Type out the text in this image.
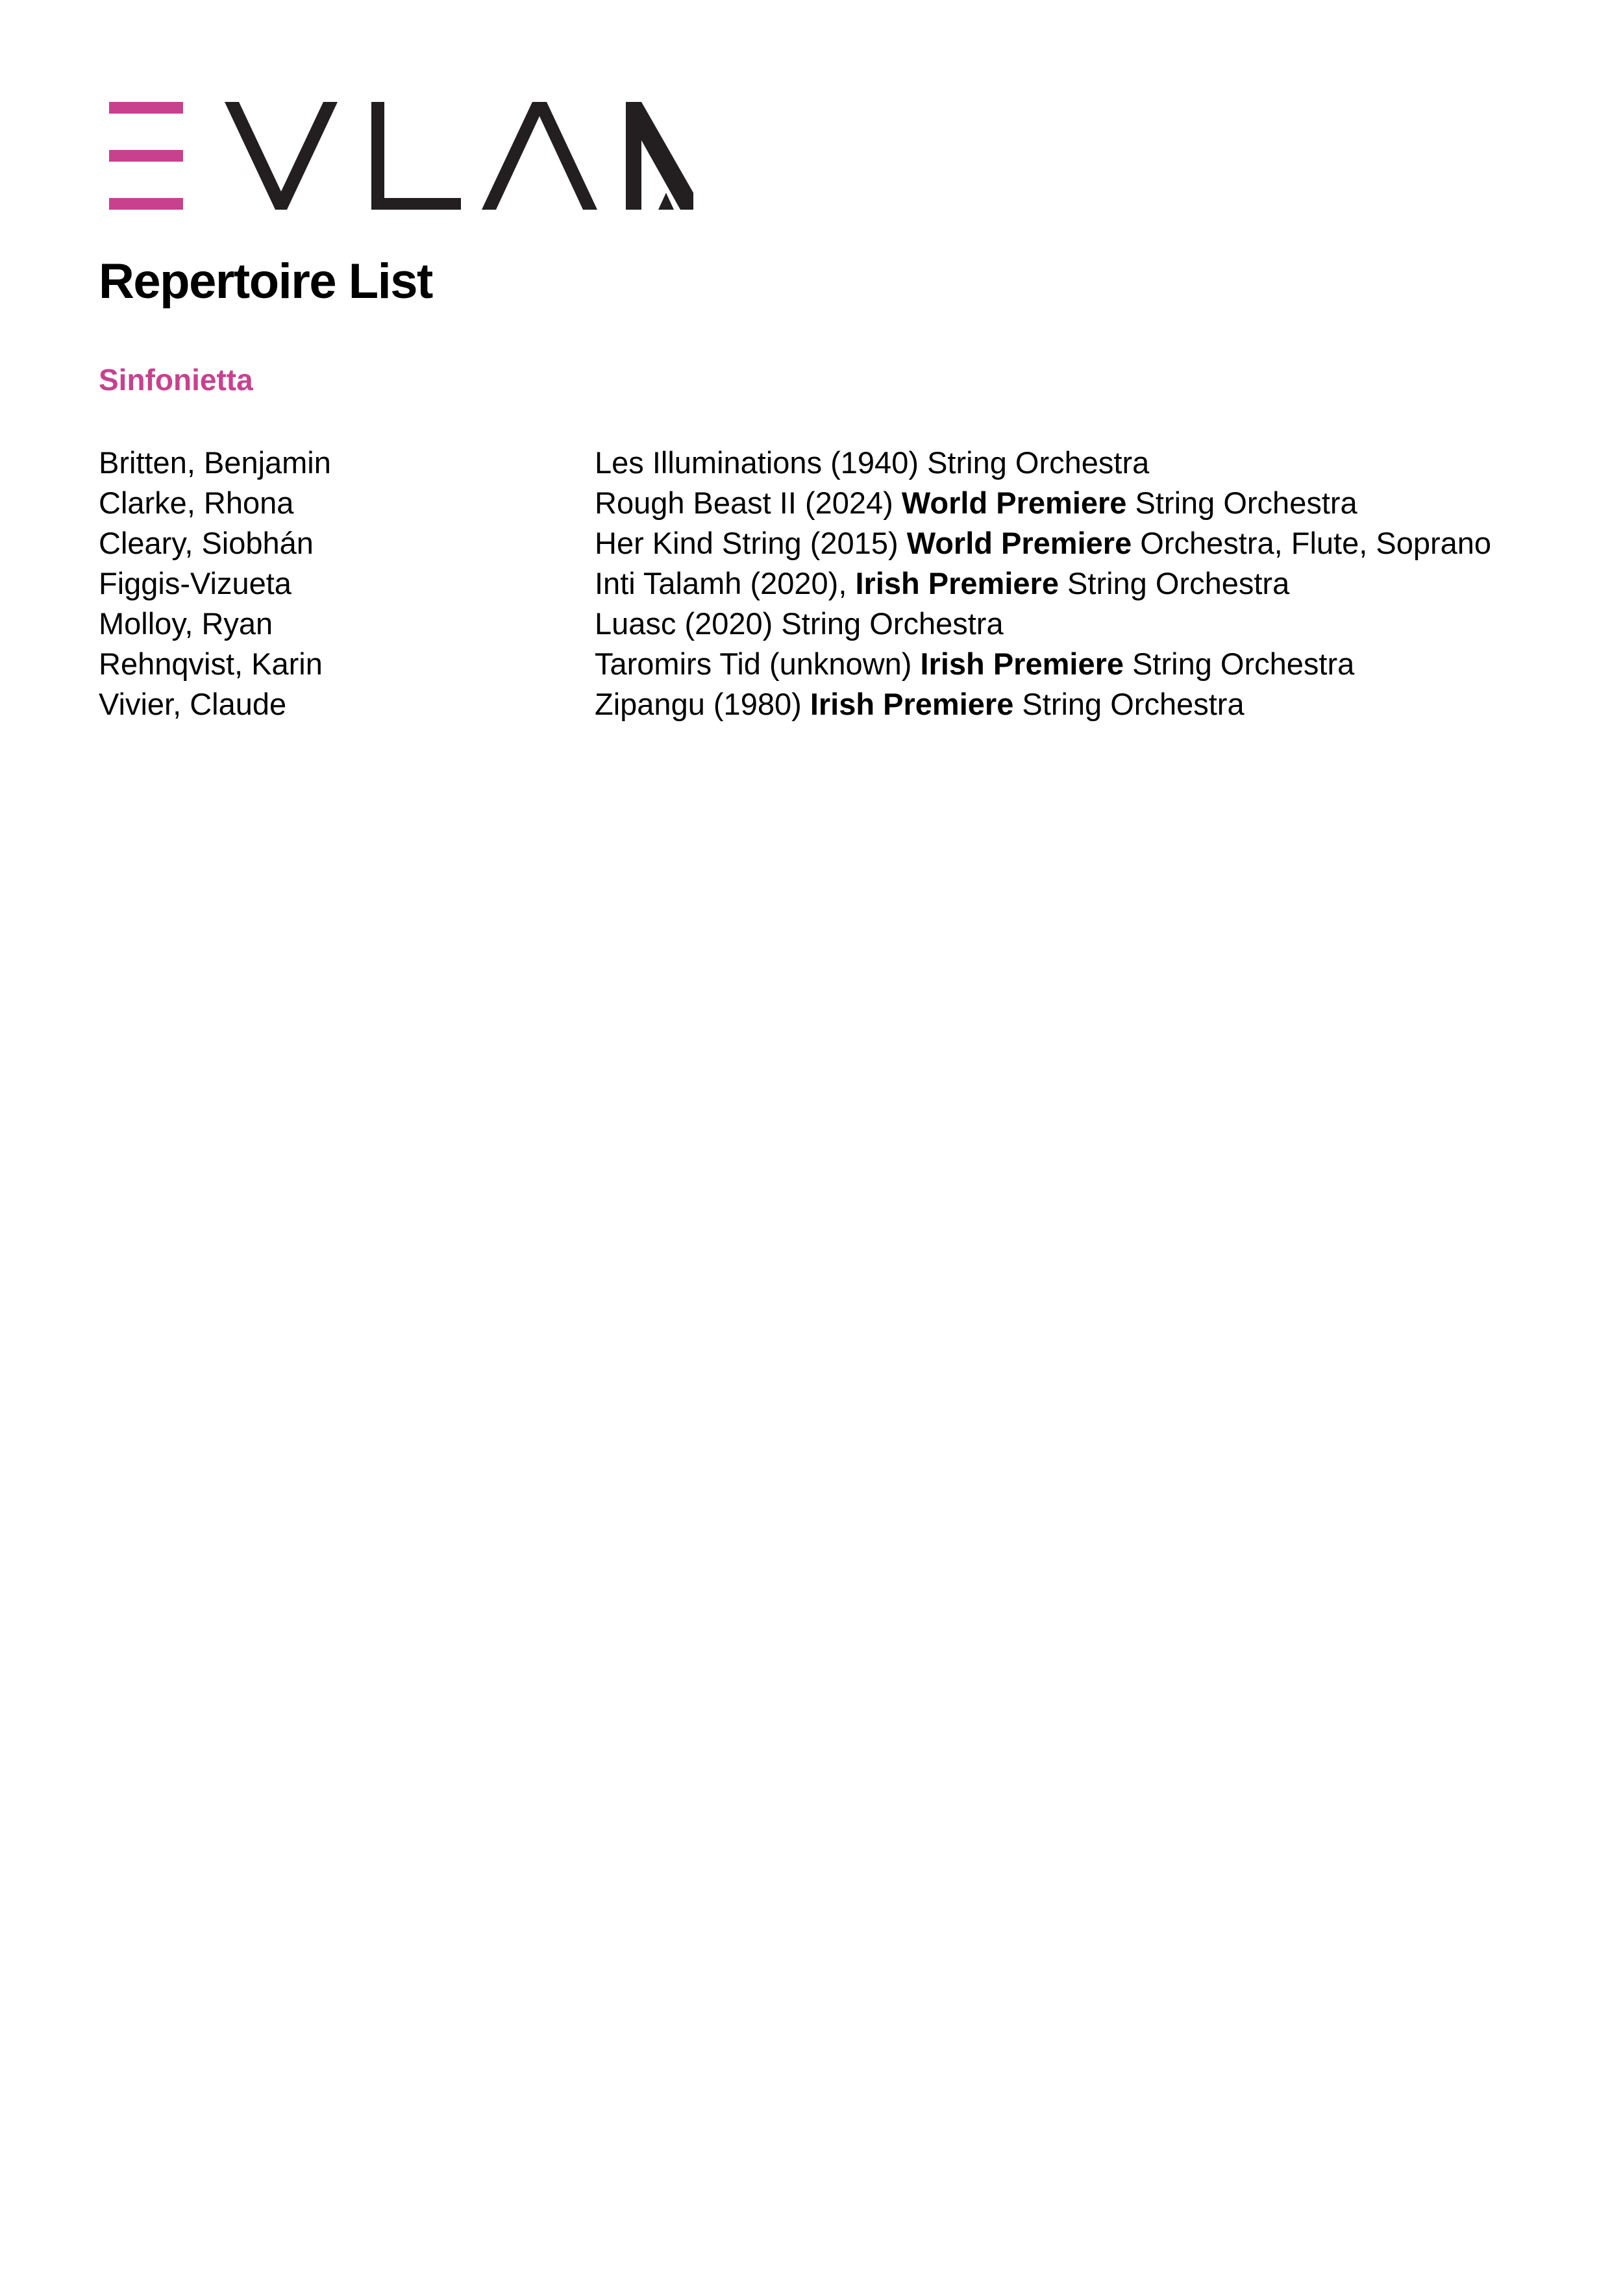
Repertoire List
Sinfonietta
Britten, Benjamin	Les Illuminations (1940) String Orchestra
Clarke, Rhona	Rough Beast II (2024) World Premiere String Orchestra
Cleary, Siobhán	Her Kind String (2015) World Premiere Orchestra, Flute, Soprano
Figgis-Vizueta	Inti Talamh (2020), Irish Premiere String Orchestra
Molloy, Ryan	Luasc (2020) String Orchestra
Rehnqvist, Karin	Taromirs Tid (unknown) Irish Premiere String Orchestra
Vivier, Claude	Zipangu (1980) Irish Premiere String Orchestra
